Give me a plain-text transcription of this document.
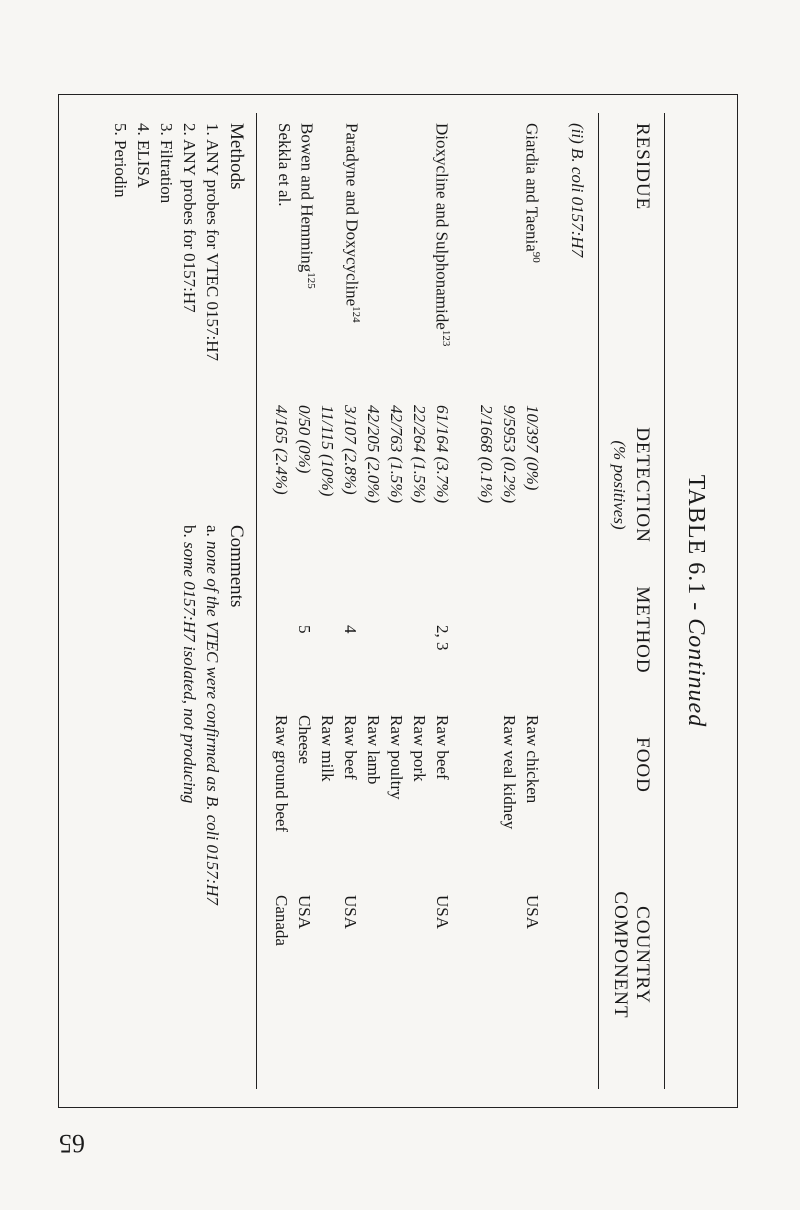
65
TABLE 6.1 - Continued
RESIDUE
DETECTION
(% positives)
METHOD
FOOD
COUNTRY
COMPONENT
(ii) B. coli 0157:H7
Giardia and Taenia$^{90}$
Dioxycline and Sulphonamide$^{123}$
Paradyne and Doxycycline$^{124}$
Bowen and Hemming$^{125}$
Sekkla et al.
10/397 (0%)
9/5953 (0.2%)
2/1668 (0.1%)
61/164 (3.7%)
22/264 (1.5%)
42/763 (1.5%)
42/205 (2.0%)
3/107 (2.8%)
11/115 (10%)
0/50 (0%)
4/165 (2.4%)
2, 3
4
5
Raw chicken
Raw veal kidney
Raw beef
Raw pork
Raw poultry
Raw lamb
Raw beef
Raw milk
Cheese
Raw ground beef
USA
USA
USA
USA
Canada
Methods
1. ANY probes for VTEC 0157:H7
2. ANY probes for 0157:H7
3. Filtration
4. ELISA
5. Periodin
Comments
a. none of the VTEC were confirmed as B. coli 0157:H7
b. some 0157:H7 isolated, not producing
